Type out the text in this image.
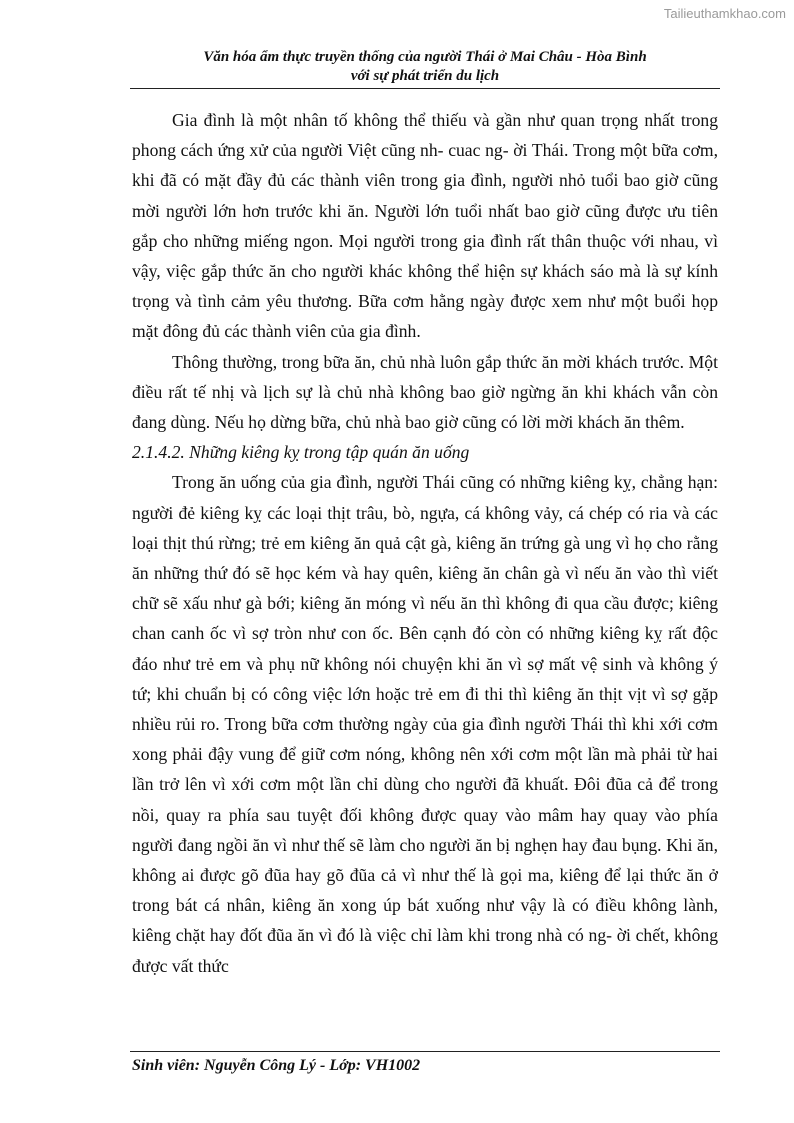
Tailieuthamkhao.com
Văn hóa ẩm thực truyền thống của người Thái ở Mai Châu - Hòa Bình
với sự phát triển du lịch

Gia đình là một nhân tố không thể thiếu và gần như quan trọng nhất trong phong cách ứng xử của người Việt cũng nh- cuac ng- ời Thái. Trong một bữa cơm, khi đã có mặt đầy đủ các thành viên trong gia đình, người nhỏ tuổi bao giờ cũng mời người lớn hơn trước khi ăn. Người lớn tuổi nhất bao giờ cũng được ưu tiên gắp cho những miếng ngon. Mọi người trong gia đình rất thân thuộc với nhau, vì vậy, việc gắp thức ăn cho người khác không thể hiện sự khách sáo mà là sự kính trọng và tình cảm yêu thương. Bữa cơm hằng ngày được xem như một buổi họp mặt đông đủ các thành viên của gia đình.

Thông thường, trong bữa ăn, chủ nhà luôn gắp thức ăn mời khách trước. Một điều rất tế nhị và lịch sự là chủ nhà không bao giờ ngừng ăn khi khách vẫn còn đang dùng. Nếu họ dừng bữa, chủ nhà bao giờ cũng có lời mời khách ăn thêm.

2.1.4.2. Những kiêng kỵ trong tập quán ăn uống

Trong ăn uống của gia đình, người Thái cũng có những kiêng kỵ, chẳng hạn: người đẻ kiêng kỵ các loại thịt trâu, bò, ngựa, cá không vảy, cá chép có ria và các loại thịt thú rừng; trẻ em kiêng ăn quả cật gà, kiêng ăn trứng gà ung vì họ cho rằng ăn những thứ đó sẽ học kém và hay quên, kiêng ăn chân gà vì nếu ăn vào thì viết chữ sẽ xấu như gà bới; kiêng ăn móng vì nếu ăn thì không đi qua cầu được; kiêng chan canh ốc vì sợ tròn như con ốc. Bên cạnh đó còn có những kiêng kỵ rất độc đáo như trẻ em và phụ nữ không nói chuyện khi ăn vì sợ mất vệ sinh và không ý tứ; khi chuẩn bị có công việc lớn hoặc trẻ em đi thi thì kiêng ăn thịt vịt vì sợ gặp nhiều rủi ro. Trong bữa cơm thường ngày của gia đình người Thái thì khi xới cơm xong phải đậy vung để giữ cơm nóng, không nên xới cơm một lần mà phải từ hai lần trở lên vì xới cơm một lần chỉ dùng cho người đã khuất. Đôi đũa cả để trong nồi, quay ra phía sau tuyệt đối không được quay vào mâm hay quay vào phía người đang ngồi ăn vì như thế sẽ làm cho người ăn bị nghẹn hay đau bụng. Khi ăn, không ai được gõ đũa hay gõ đũa cả vì như thế là gọi ma, kiêng để lại thức ăn ở trong bát cá nhân, kiêng ăn xong úp bát xuống như vậy là có điều không lành, kiêng chặt hay đốt đũa ăn vì đó là việc chỉ làm khi trong nhà có ng- ời chết, không được vất thức

Sinh viên: Nguyễn Công Lý - Lớp: VH1002
